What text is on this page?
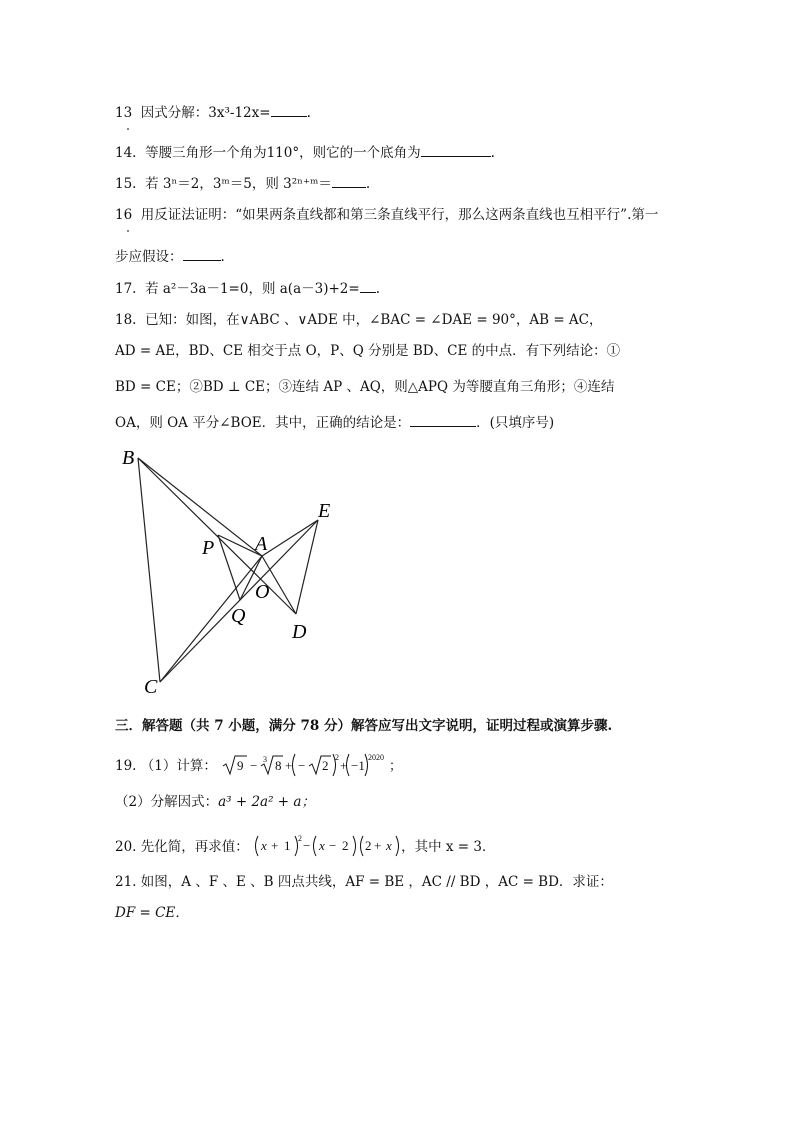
13 因式分解：3x³-12x=	.
14. 等腰三角形一个角为110°，则它的一个底角为	.
15. 若 3ⁿ＝2，3ᵐ＝5，则 3²ⁿ⁺ᵐ＝	.
16 用反证法证明：“如果两条直线都和第三条直线平行，那么这两条直线也互相平行”.第一
步应假设：	.
17. 若 a²－3a－1=0，则 a(a－3)+2= .
18. 已知：如图，在∨ABC 、∨ADE 中，∠BAC = ∠DAE = 90°，AB = AC，
AD = AE，BD、CE 相交于点 O，P、Q 分别是 BD、CE 的中点．有下列结论：①
BD = CE；②BD ⊥ CE；③连结 AP 、AQ，则△APQ 为等腰直角三角形；④连结
OA，则 OA 平分∠BOE．其中，正确的结论是：	．(只填序号)
B
E
P A
O
Q
D
C
三．解答题（共 7 小题，满分 78 分）解答应写出文字说明，证明过程或演算步骤.
19. （1）计算： 9 − 3 8 + − 2
2
+ −1
2020
；
（2）分解因式：a³ + 2a² + a；
20. 先化简，再求值： x + 1 2 − x − 2 2 + x ，其中 x = 3．
21. 如图，A 、F 、E 、B 四点共线，AF = BE ，AC // BD ，AC = BD．求证：
DF = CE．
